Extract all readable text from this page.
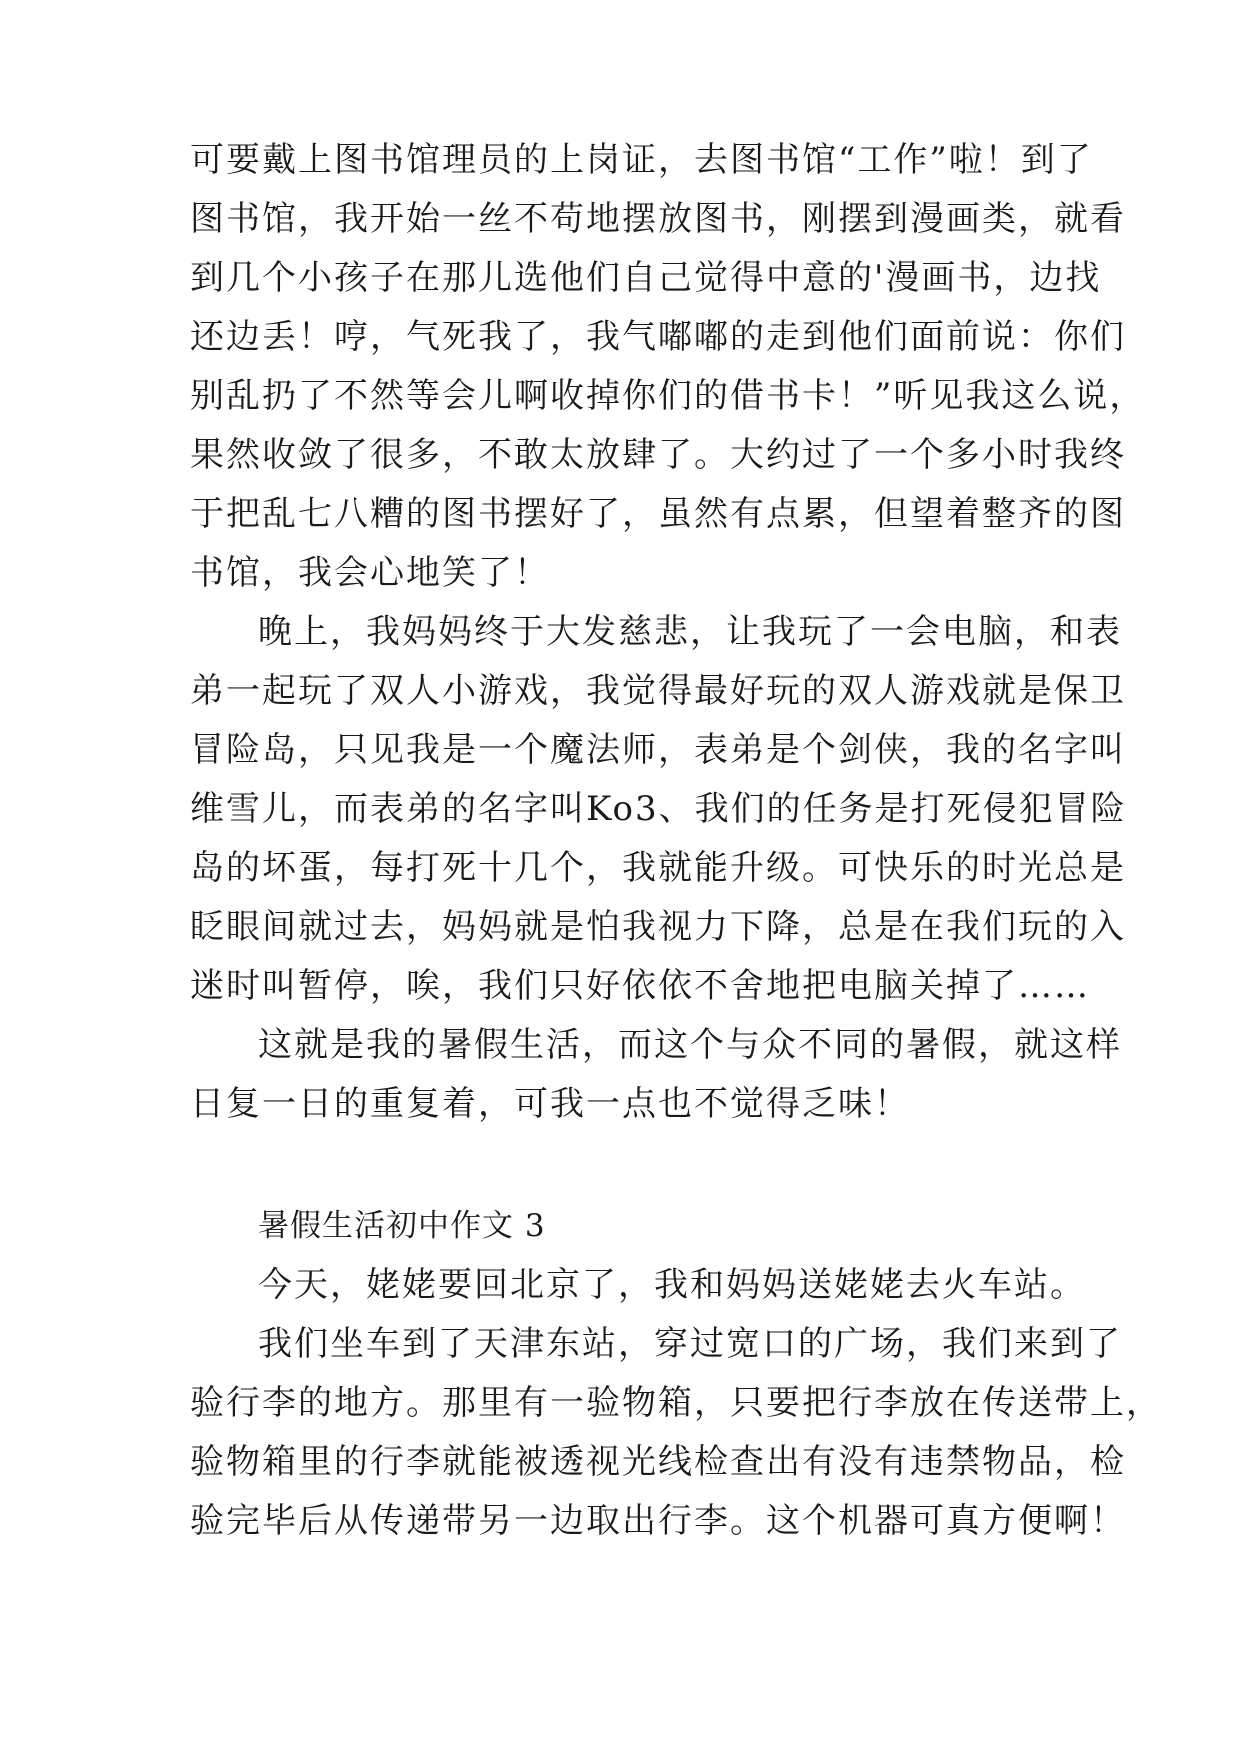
可要戴上图书馆理员的上岗证，去图书馆“工作”啦！到了
图书馆，我开始一丝不苟地摆放图书，刚摆到漫画类，就看
到几个小孩子在那儿选他们自己觉得中意的'漫画书，边找
还边丢！哼，气死我了，我气嘟嘟的走到他们面前说：你们
别乱扔了不然等会儿啊收掉你们的借书卡！”听见我这么说，
果然收敛了很多，不敢太放肆了。大约过了一个多小时我终
于把乱七八糟的图书摆好了，虽然有点累，但望着整齐的图
书馆，我会心地笑了！
晚上，我妈妈终于大发慈悲，让我玩了一会电脑，和表
弟一起玩了双人小游戏，我觉得最好玩的双人游戏就是保卫
冒险岛，只见我是一个魔法师，表弟是个剑侠，我的名字叫
维雪儿，而表弟的名字叫Ko3、我们的任务是打死侵犯冒险
岛的坏蛋，每打死十几个，我就能升级。可快乐的时光总是
眨眼间就过去，妈妈就是怕我视力下降，总是在我们玩的入
迷时叫暂停，唉，我们只好依依不舍地把电脑关掉了……
这就是我的暑假生活，而这个与众不同的暑假，就这样
日复一日的重复着，可我一点也不觉得乏味！
暑假生活初中作文 3
今天，姥姥要回北京了，我和妈妈送姥姥去火车站。
我们坐车到了天津东站，穿过宽口的广场，我们来到了
验行李的地方。那里有一验物箱，只要把行李放在传送带上，
验物箱里的行李就能被透视光线检查出有没有违禁物品，检
验完毕后从传递带另一边取出行李。这个机器可真方便啊！
